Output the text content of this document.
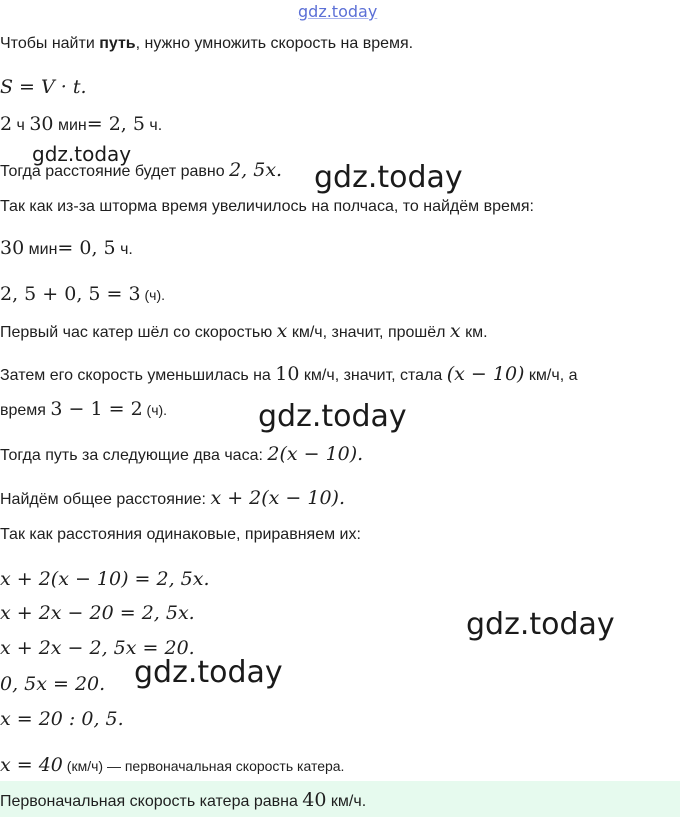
gdz.today
Чтобы найти путь, нужно умножить скорость на время.
S = V · t.
2 ч 30 мин= 2, 5 ч.
Тогда расстояние будет равно 2, 5x.
Так как из-за шторма время увеличилось на полчаса, то найдём время:
30 мин= 0, 5 ч.
2, 5 + 0, 5 = 3 (ч).
Первый час катер шёл со скоростью x км/ч, значит, прошёл x км.
Затем его скорость уменьшилась на 10 км/ч, значит, стала (x − 10) км/ч, а
время 3 − 1 = 2 (ч).
Тогда путь за следующие два часа: 2(x − 10).
Найдём общее расстояние: x + 2(x − 10).
Так как расстояния одинаковые, приравняем их:
x + 2(x − 10) = 2, 5x.
x + 2x − 20 = 2, 5x.
x + 2x − 2, 5x = 20.
0, 5x = 20.
x = 20 : 0, 5.
x = 40 (км/ч) — первоначальная скорость катера.
Первоначальная скорость катера равна 40 км/ч.
gdz.today
gdz.today
gdz.today
gdz.today
gdz.today
